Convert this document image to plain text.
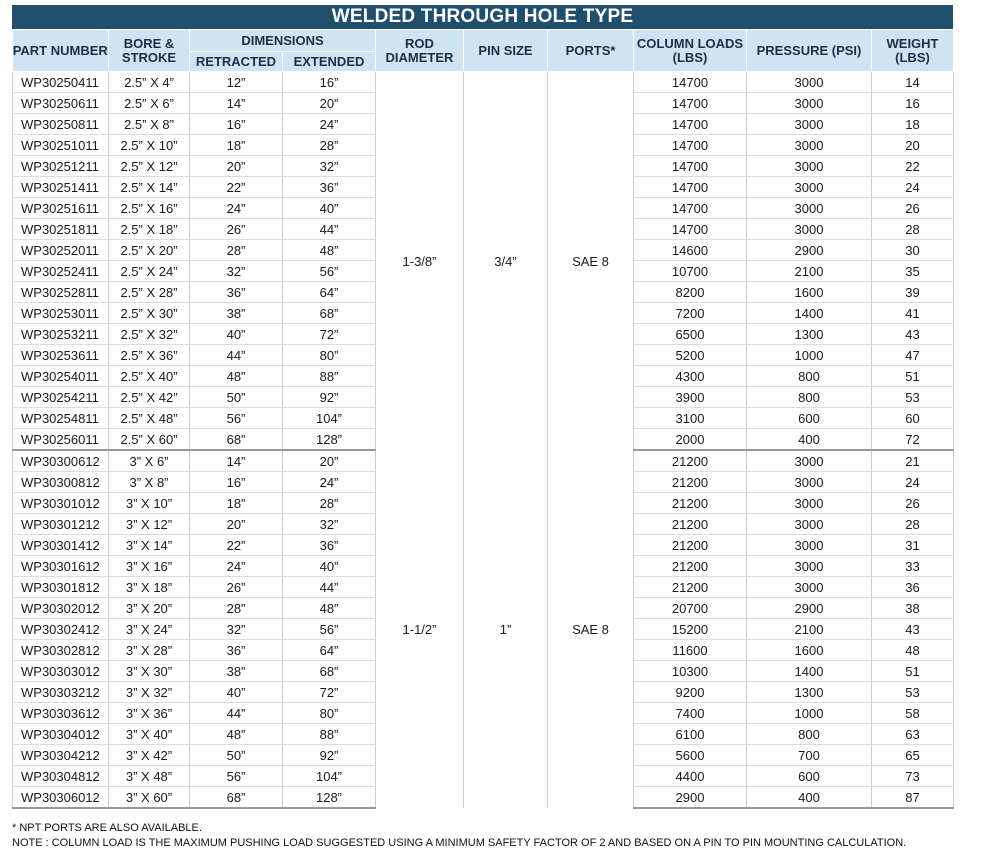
WELDED THROUGH HOLE TYPE
PART NUMBER	BORE & STROKE	DIMENSIONS		ROD DIAMETER	PIN SIZE	PORTS*	COLUMN LOADS (LBS)	PRESSURE (PSI)	WEIGHT (LBS)
		RETRACTED	EXTENDED						
WP30250411	2.5” X 4”	12”	16”	1-3/8”	3/4”	SAE 8	14700	3000	14
WP30250611	2.5” X 6”	14”	20”				14700	3000	16
WP30250811	2.5” X 8”	16”	24”				14700	3000	18
WP30251011	2.5” X 10”	18”	28”				14700	3000	20
WP30251211	2.5” X 12”	20”	32”				14700	3000	22
WP30251411	2.5” X 14”	22”	36”				14700	3000	24
WP30251611	2.5” X 16”	24”	40”				14700	3000	26
WP30251811	2.5” X 18”	26”	44”				14700	3000	28
WP30252011	2.5” X 20”	28”	48”				14600	2900	30
WP30252411	2.5” X 24”	32”	56”				10700	2100	35
WP30252811	2.5” X 28”	36”	64”				8200	1600	39
WP30253011	2.5” X 30”	38”	68”				7200	1400	41
WP30253211	2.5” X 32”	40”	72”				6500	1300	43
WP30253611	2.5” X 36”	44”	80”				5200	1000	47
WP30254011	2.5” X 40”	48”	88”				4300	800	51
WP30254211	2.5” X 42”	50”	92”				3900	800	53
WP30254811	2.5” X 48”	56”	104”				3100	600	60
WP30256011	2.5” X 60”	68”	128”				2000	400	72
WP30300612	3” X 6”	14”	20”	1-1/2”	1”	SAE 8	21200	3000	21
WP30300812	3” X 8”	16”	24”				21200	3000	24
WP30301012	3” X 10”	18”	28”				21200	3000	26
WP30301212	3” X 12”	20”	32”				21200	3000	28
WP30301412	3” X 14”	22”	36”				21200	3000	31
WP30301612	3” X 16”	24”	40”				21200	3000	33
WP30301812	3” X 18”	26”	44”				21200	3000	36
WP30302012	3” X 20”	28”	48”				20700	2900	38
WP30302412	3” X 24”	32”	56”				15200	2100	43
WP30302812	3” X 28”	36”	64”				11600	1600	48
WP30303012	3” X 30”	38”	68”				10300	1400	51
WP30303212	3” X 32”	40”	72”				9200	1300	53
WP30303612	3” X 36”	44”	80”				7400	1000	58
WP30304012	3” X 40”	48”	88”				6100	800	63
WP30304212	3” X 42”	50”	92”				5600	700	65
WP30304812	3” X 48”	56”	104”				4400	600	73
WP30306012	3” X 60”	68”	128”				2900	400	87
* NPT PORTS ARE ALSO AVAILABLE.
NOTE : COLUMN LOAD IS THE MAXIMUM PUSHING LOAD SUGGESTED USING A MINIMUM SAFETY FACTOR OF 2 AND BASED ON A PIN TO PIN MOUNTING CALCULATION.
